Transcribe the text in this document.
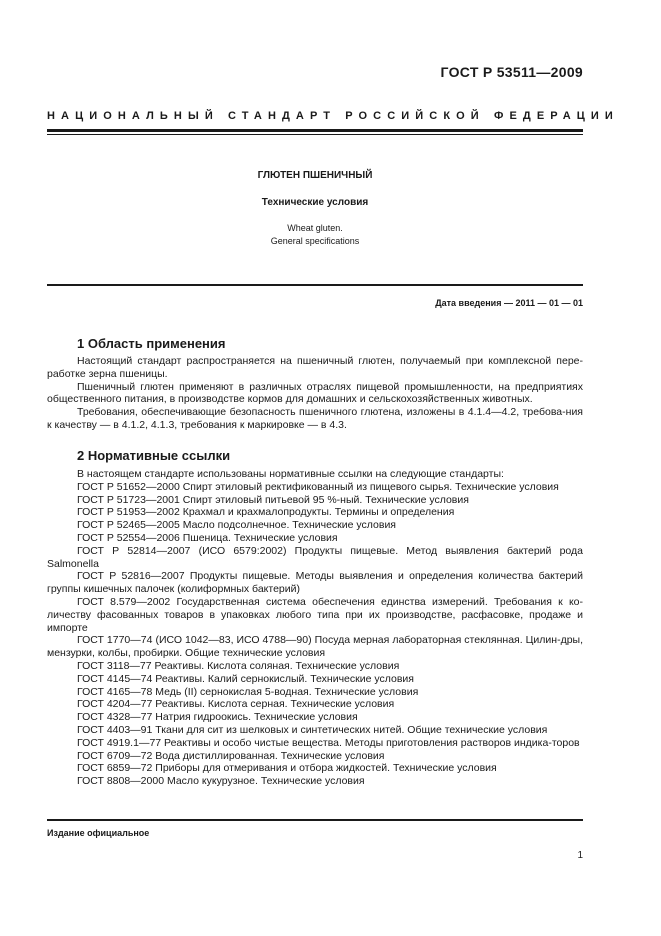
ГОСТ Р 53511—2009
НАЦИОНАЛЬНЫЙ СТАНДАРТ РОССИЙСКОЙ ФЕДЕРАЦИИ
ГЛЮТЕН ПШЕНИЧНЫЙ
Технические условия
Wheat gluten.
General specifications
Дата введения — 2011 — 01 — 01
1 Область применения

Настоящий стандарт распространяется на пшеничный глютен, получаемый при комплексной пере-работке зерна пшеницы.

Пшеничный глютен применяют в различных отраслях пищевой промышленности, на предприятиях общественного питания, в производстве кормов для домашних и сельскохозяйственных животных.

Требования, обеспечивающие безопасность пшеничного глютена, изложены в 4.1.4—4.2, требова-ния к качеству — в 4.1.2, 4.1.3, требования к маркировке — в 4.3.

2 Нормативные ссылки

В настоящем стандарте использованы нормативные ссылки на следующие стандарты:

ГОСТ Р 51652—2000 Спирт этиловый ректификованный из пищевого сырья. Технические условия

ГОСТ Р 51723—2001 Спирт этиловый питьевой 95 %-ный. Технические условия

ГОСТ Р 51953—2002 Крахмал и крахмалопродукты. Термины и определения

ГОСТ Р 52465—2005 Масло подсолнечное. Технические условия

ГОСТ Р 52554—2006 Пшеница. Технические условия

ГОСТ Р 52814—2007 (ИСО 6579:2002) Продукты пищевые. Метод выявления бактерий рода Salmonella

ГОСТ Р 52816—2007 Продукты пищевые. Методы выявления и определения количества бактерий группы кишечных палочек (колиформных бактерий)

ГОСТ 8.579—2002 Государственная система обеспечения единства измерений. Требования к ко-личеству фасованных товаров в упаковках любого типа при их производстве, расфасовке, продаже и импорте

ГОСТ 1770—74 (ИСО 1042—83, ИСО 4788—90) Посуда мерная лабораторная стеклянная. Цилин-дры, мензурки, колбы, пробирки. Общие технические условия

ГОСТ 3118—77 Реактивы. Кислота соляная. Технические условия

ГОСТ 4145—74 Реактивы. Калий сернокислый. Технические условия

ГОСТ 4165—78 Медь (II) сернокислая 5-водная. Технические условия

ГОСТ 4204—77 Реактивы. Кислота серная. Технические условия

ГОСТ 4328—77 Натрия гидроокись. Технические условия

ГОСТ 4403—91 Ткани для сит из шелковых и синтетических нитей. Общие технические условия

ГОСТ 4919.1—77 Реактивы и особо чистые вещества. Методы приготовления растворов индика-торов

ГОСТ 6709—72 Вода дистиллированная. Технические условия

ГОСТ 6859—72 Приборы для отмеривания и отбора жидкостей. Технические условия

ГОСТ 8808—2000 Масло кукурузное. Технические условия

Издание официальное
1
